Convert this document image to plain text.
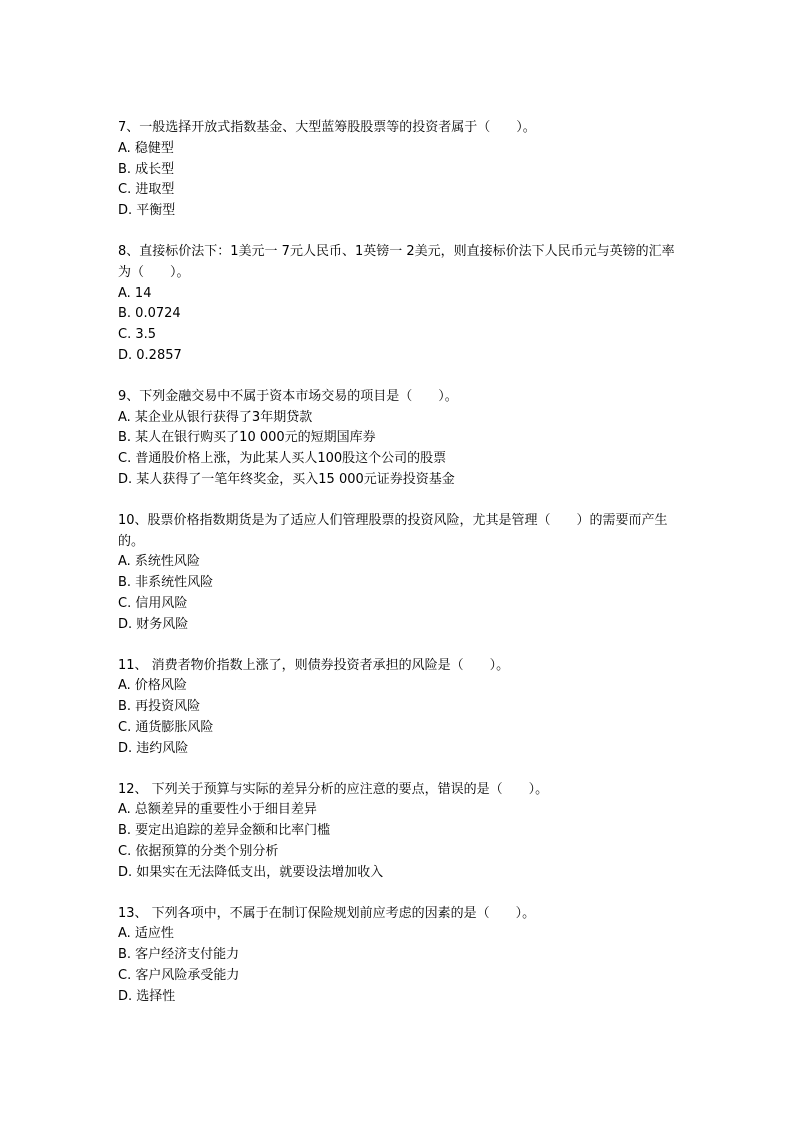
7、一般选择开放式指数基金、大型蓝筹股股票等的投资者属于（　　）。

A. 稳健型

B. 成长型

C. 进取型

D. 平衡型

8、直接标价法下：1美元一 7元人民币、1英镑一 2美元，则直接标价法下人民币元与英镑的汇率为（　　）。

A. 14

B. 0.0724

C. 3.5

D. 0.2857

9、下列金融交易中不属于资本市场交易的项目是（　　）。

A. 某企业从银行获得了3年期贷款

B. 某人在银行购买了10 000元的短期国库券

C. 普通股价格上涨，为此某人买人100股这个公司的股票

D. 某人获得了一笔年终奖金，买入15 000元证券投资基金

10、股票价格指数期货是为了适应人们管理股票的投资风险，尤其是管理（　　）的需要而产生的。

A. 系统性风险

B. 非系统性风险

C. 信用风险

D. 财务风险

11、 消费者物价指数上涨了，则债券投资者承担的风险是（　　）。

A. 价格风险

B. 再投资风险

C. 通货膨胀风险

D. 违约风险

12、 下列关于预算与实际的差异分析的应注意的要点，错误的是（　　）。

A. 总额差异的重要性小于细目差异

B. 要定出追踪的差异金额和比率门槛

C. 依据预算的分类个别分析

D. 如果实在无法降低支出，就要设法增加收入

13、 下列各项中，不属于在制订保险规划前应考虑的因素的是（　　）。

A. 适应性

B. 客户经济支付能力

C. 客户风险承受能力

D. 选择性
